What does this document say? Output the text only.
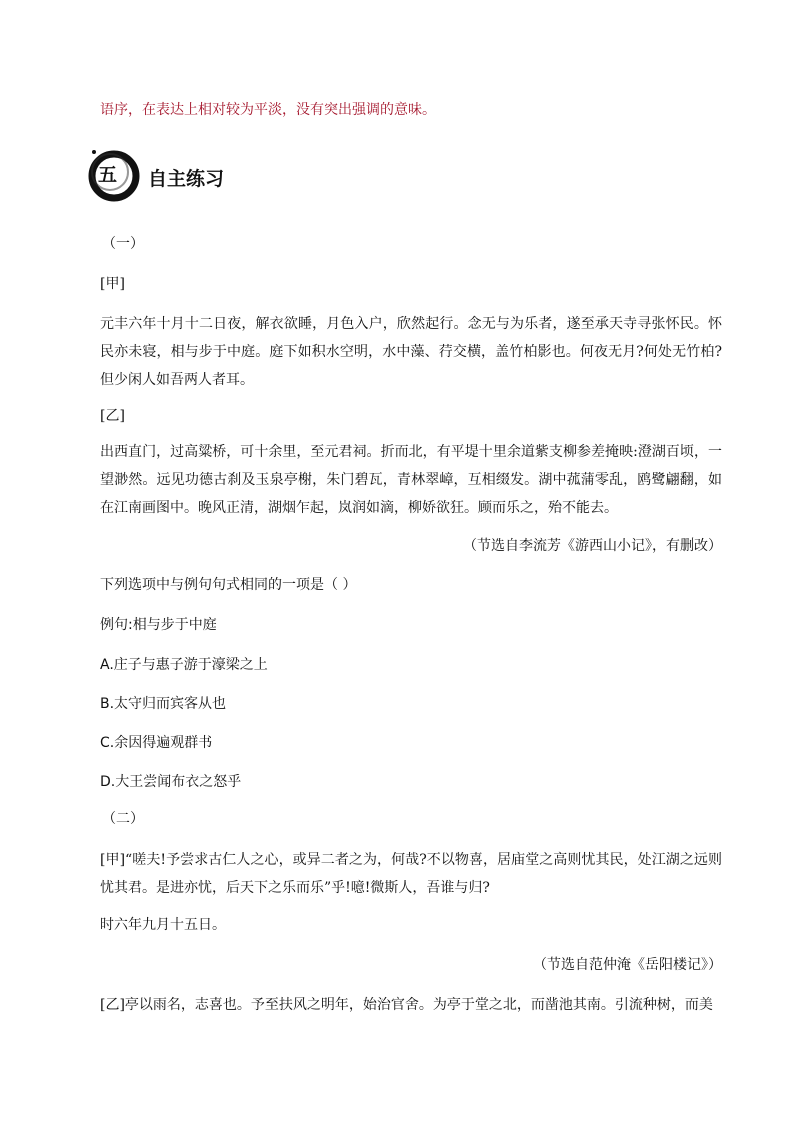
语序，在表达上相对较为平淡，没有突出强调的意味。

五 自主练习

（一）

[甲]

元丰六年十月十二日夜，解衣欲睡，月色入户，欣然起行。念无与为乐者，遂至承天寺寻张怀民。怀民亦未寝，相与步于中庭。庭下如积水空明，水中藻、荇交横，盖竹柏影也。何夜无月?何处无竹柏?但少闲人如吾两人者耳。

[乙]

出西直门，过高粱桥，可十余里，至元君祠。折而北，有平堤十里余道紫支柳参差掩映:澄湖百顷，一望渺然。远见功德古刹及玉泉亭榭，朱门碧瓦，青林翠嶂，互相缀发。湖中菰蒲零乱，鸥鹭翩翻，如在江南画图中。晚风正清，湖烟乍起，岚润如滴，柳娇欲狂。顾而乐之，殆不能去。

（节选自李流芳《游西山小记》，有删改）

下列选项中与例句句式相同的一项是（ ）

例句:相与步于中庭

A.庄子与惠子游于濠梁之上

B.太守归而宾客从也

C.余因得遍观群书

D.大王尝闻布衣之怒乎

（二）

[甲]“嗟夫!予尝求古仁人之心，或异二者之为，何哉?不以物喜，居庙堂之高则忧其民，处江湖之远则忧其君。是进亦忧，后天下之乐而乐”乎!噫!微斯人，吾谁与归?

时六年九月十五日。

（节选自范仲淹《岳阳楼记》）

[乙]亭以雨名，志喜也。予至扶风之明年，始治官舍。为亭于堂之北，而凿池其南。引流种树，而美
